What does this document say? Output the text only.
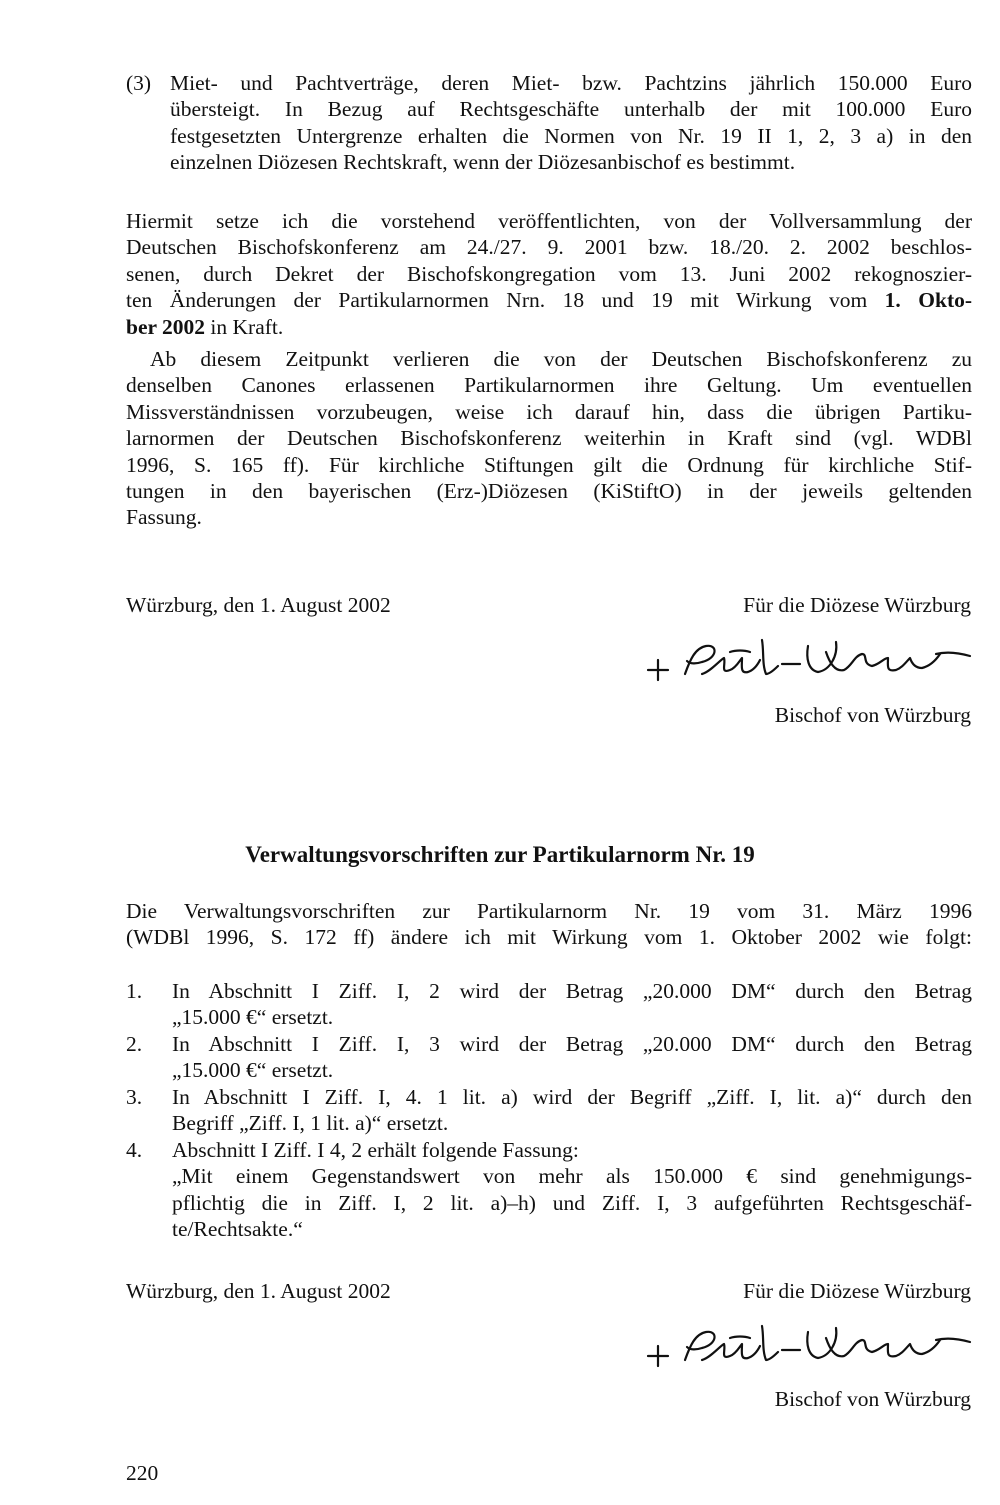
(3) Miet- und Pachtverträge, deren Miet- bzw. Pachtzins jährlich 150.000 Euro
übersteigt. In Bezug auf Rechtsgeschäfte unterhalb der mit 100.000 Euro
festgesetzten Untergrenze erhalten die Normen von Nr. 19 II 1, 2, 3 a) in den
einzelnen Diözesen Rechtskraft, wenn der Diözesanbischof es bestimmt.
Hiermit setze ich die vorstehend veröffentlichten, von der Vollversammlung der
Deutschen Bischofskonferenz am 24./27. 9. 2001 bzw. 18./20. 2. 2002 beschlos-
senen, durch Dekret der Bischofskongregation vom 13. Juni 2002 rekognoszier-
ten Änderungen der Partikularnormen Nrn. 18 und 19 mit Wirkung vom 1. Okto-
ber 2002 in Kraft.
Ab diesem Zeitpunkt verlieren die von der Deutschen Bischofskonferenz zu
denselben Canones erlassenen Partikularnormen ihre Geltung. Um eventuellen
Missverständnissen vorzubeugen, weise ich darauf hin, dass die übrigen Partiku-
larnormen der Deutschen Bischofskonferenz weiterhin in Kraft sind (vgl. WDBl
1996, S. 165 ff). Für kirchliche Stiftungen gilt die Ordnung für kirchliche Stif-
tungen in den bayerischen (Erz-)Diözesen (KiStiftO) in der jeweils geltenden
Fassung.
Würzburg, den 1. August 2002	Für die Diözese Würzburg
Bischof von Würzburg
Verwaltungsvorschriften zur Partikularnorm Nr. 19
Die Verwaltungsvorschriften zur Partikularnorm Nr. 19 vom 31. März 1996
(WDBl 1996, S. 172 ff) ändere ich mit Wirkung vom 1. Oktober 2002 wie folgt:
1.	In Abschnitt I Ziff. I, 2 wird der Betrag „20.000 DM“ durch den Betrag
„15.000 €“ ersetzt.
2.	In Abschnitt I Ziff. I, 3 wird der Betrag „20.000 DM“ durch den Betrag
„15.000 €“ ersetzt.
3.	In Abschnitt I Ziff. I, 4. 1 lit. a) wird der Begriff „Ziff. I, lit. a)“ durch den
Begriff „Ziff. I, 1 lit. a)“ ersetzt.
4.	Abschnitt I Ziff. I 4, 2 erhält folgende Fassung:
„Mit einem Gegenstandswert von mehr als 150.000 € sind genehmigungs-
pflichtig die in Ziff. I, 2 lit. a)–h) und Ziff. I, 3 aufgeführten Rechtsgeschäf-
te/Rechtsakte.“
Würzburg, den 1. August 2002	Für die Diözese Würzburg
Bischof von Würzburg
220
